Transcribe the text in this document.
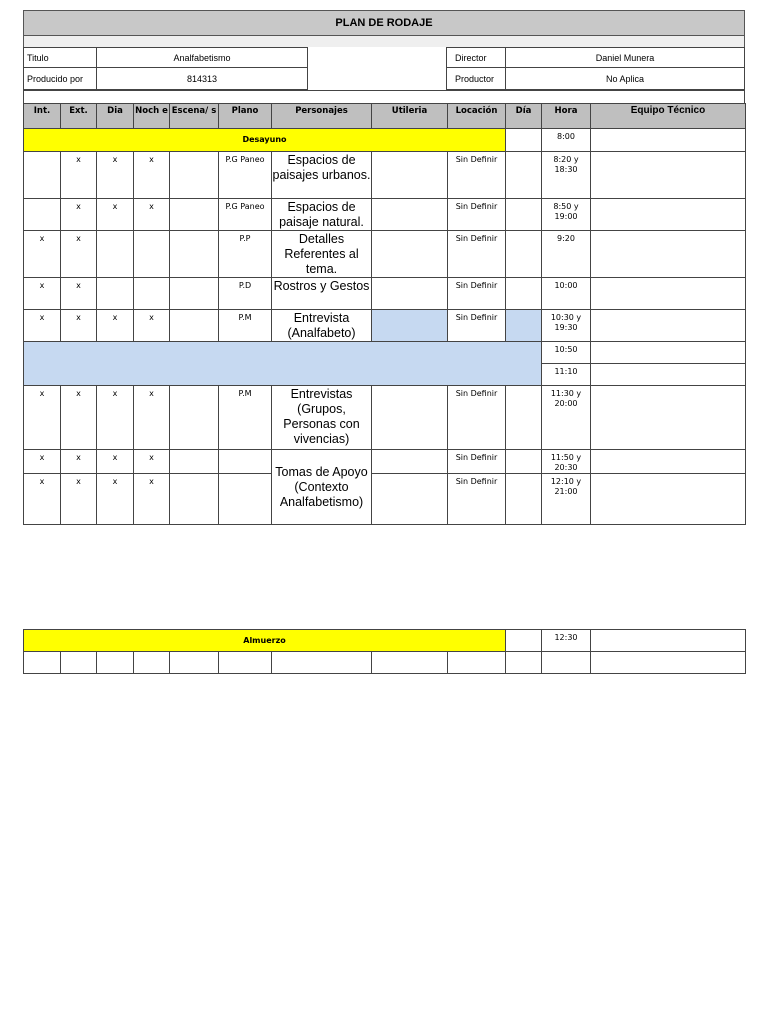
PLAN DE RODAJE
Titulo	Analfabetismo
Producido por	814313
Director	Daniel Munera
Productor	No Aplica
Int.	Ext.	Dia	Noch e	Escena/ s	Plano	Personajes	Utileria	Locación	Día	Hora	Equipo Técnico
Desayuno										8:00	
	x	x	x		P.G Paneo	Espacios de paisajes urbanos.		Sin Definir		8:20 y 18:30	
	x	x	x		P.G Paneo	Espacios de paisaje natural.		Sin Definir		8:50 y 19:00	
x	x				P.P	Detalles Referentes al tema.		Sin Definir		9:20	
x	x				P.D	Rostros y Gestos		Sin Definir		10:00	
x	x	x	x		P.M	Entrevista (Analfabeto)		Sin Definir		10:30 y 19:30	
										10:50	
										11:10	
x	x	x	x		P.M	Entrevistas (Grupos, Personas con vivencias)		Sin Definir		11:30 y 20:00	
x	x	x	x			Tomas de Apoyo (Contexto Analfabetismo)		Sin Definir		11:50 y 20:30	
x	x	x	x					Sin Definir		12:10 y 21:00	
Almuerzo										12:30	
